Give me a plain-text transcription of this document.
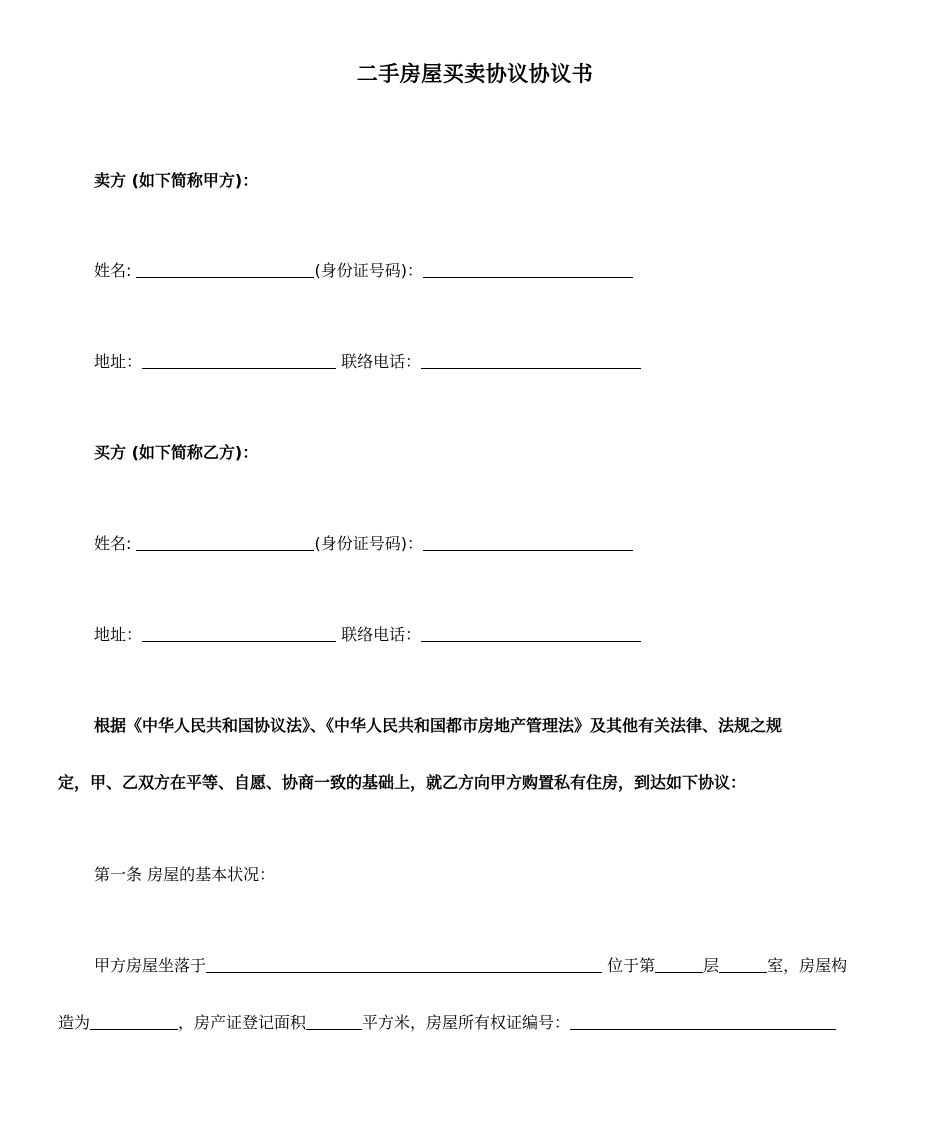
二手房屋买卖协议协议书
卖方 (如下简称甲方)：
姓名:	(身份证号码)：
地址：	联络电话：
买方 (如下简称乙方)：
姓名:	(身份证号码)：
地址：	联络电话：
根据《中华人民共和国协议法》、《中华人民共和国都市房地产管理法》及其他有关法律、法规之规
定，甲、乙双方在平等、自愿、协商一致的基础上，就乙方向甲方购置私有住房，到达如下协议：
第一条 房屋的基本状况：
甲方房屋坐落于	位于第	层	室，房屋构
造为	，房产证登记面积	平方米，房屋所有权证编号：
